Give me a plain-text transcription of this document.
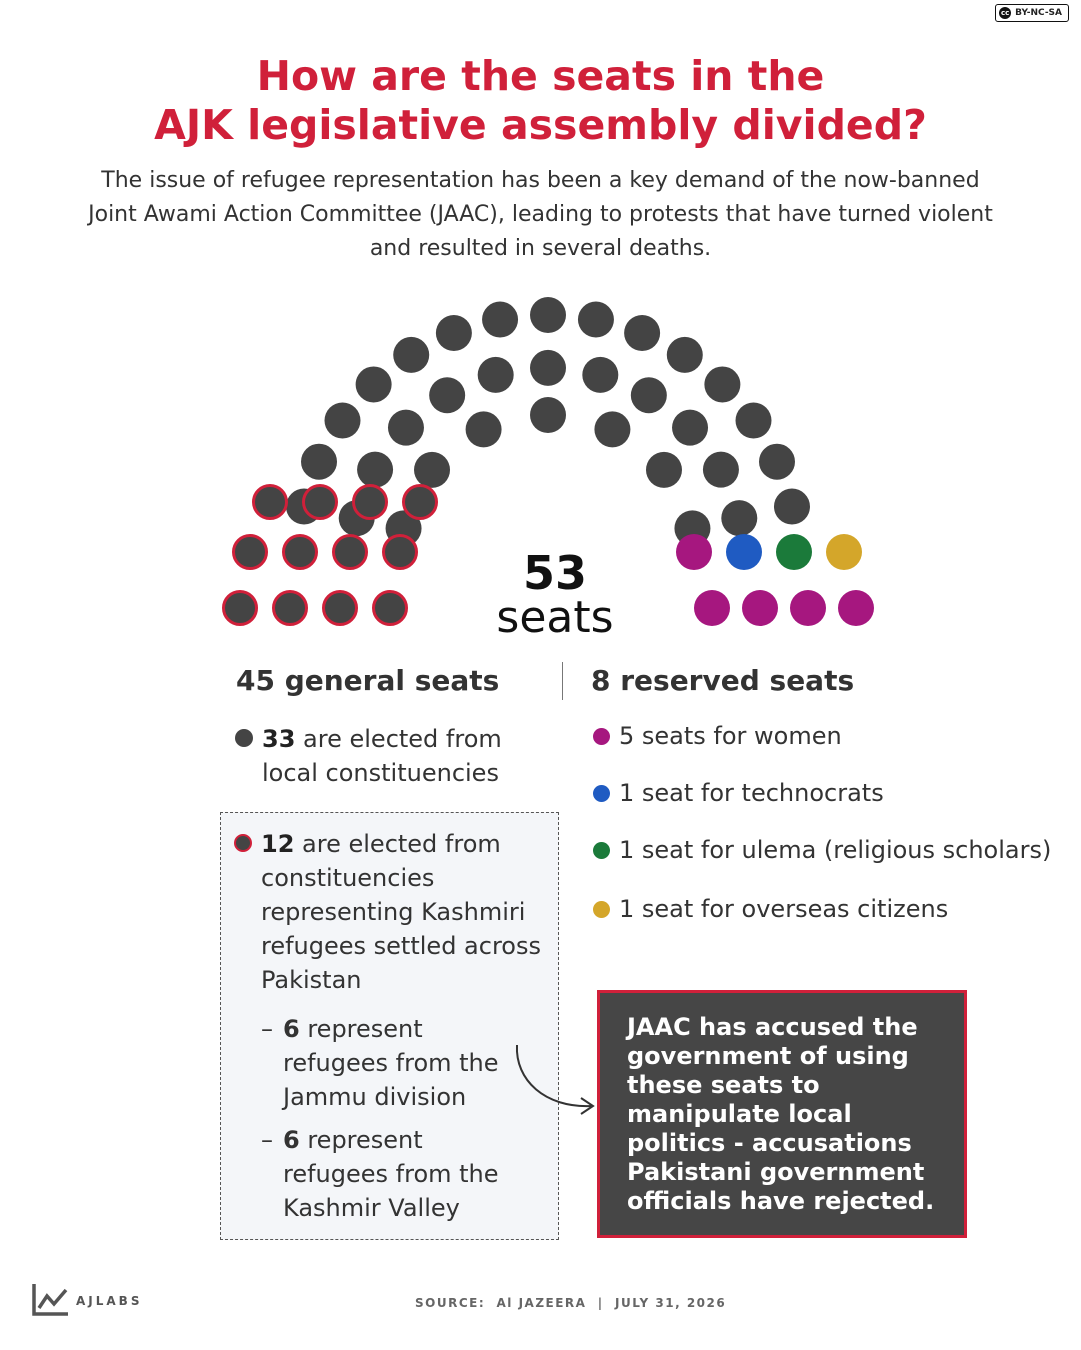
cc BY-NC-SA
How are the seats in the
AJK legislative assembly divided?
The issue of refugee representation has been a key demand of the now-banned
Joint Awami Action Committee (JAAC), leading to protests that have turned violent
and resulted in several deaths.
53
seats
45 general seats	8 reserved seats
33 are elected from
local constituencies
12 are elected from
constituencies
representing Kashmiri
refugees settled across
Pakistan
– 6 represent
refugees from the
Jammu division
– 6 represent
refugees from the
Kashmir Valley
5 seats for women
1 seat for technocrats
1 seat for ulema (religious scholars)
1 seat for overseas citizens
JAAC has accused the
government of using
these seats to
manipulate local
politics - accusations
Pakistani government
officials have rejected.
AJLABS	SOURCE:  Al JAZEERA  |  JULY 31, 2026
